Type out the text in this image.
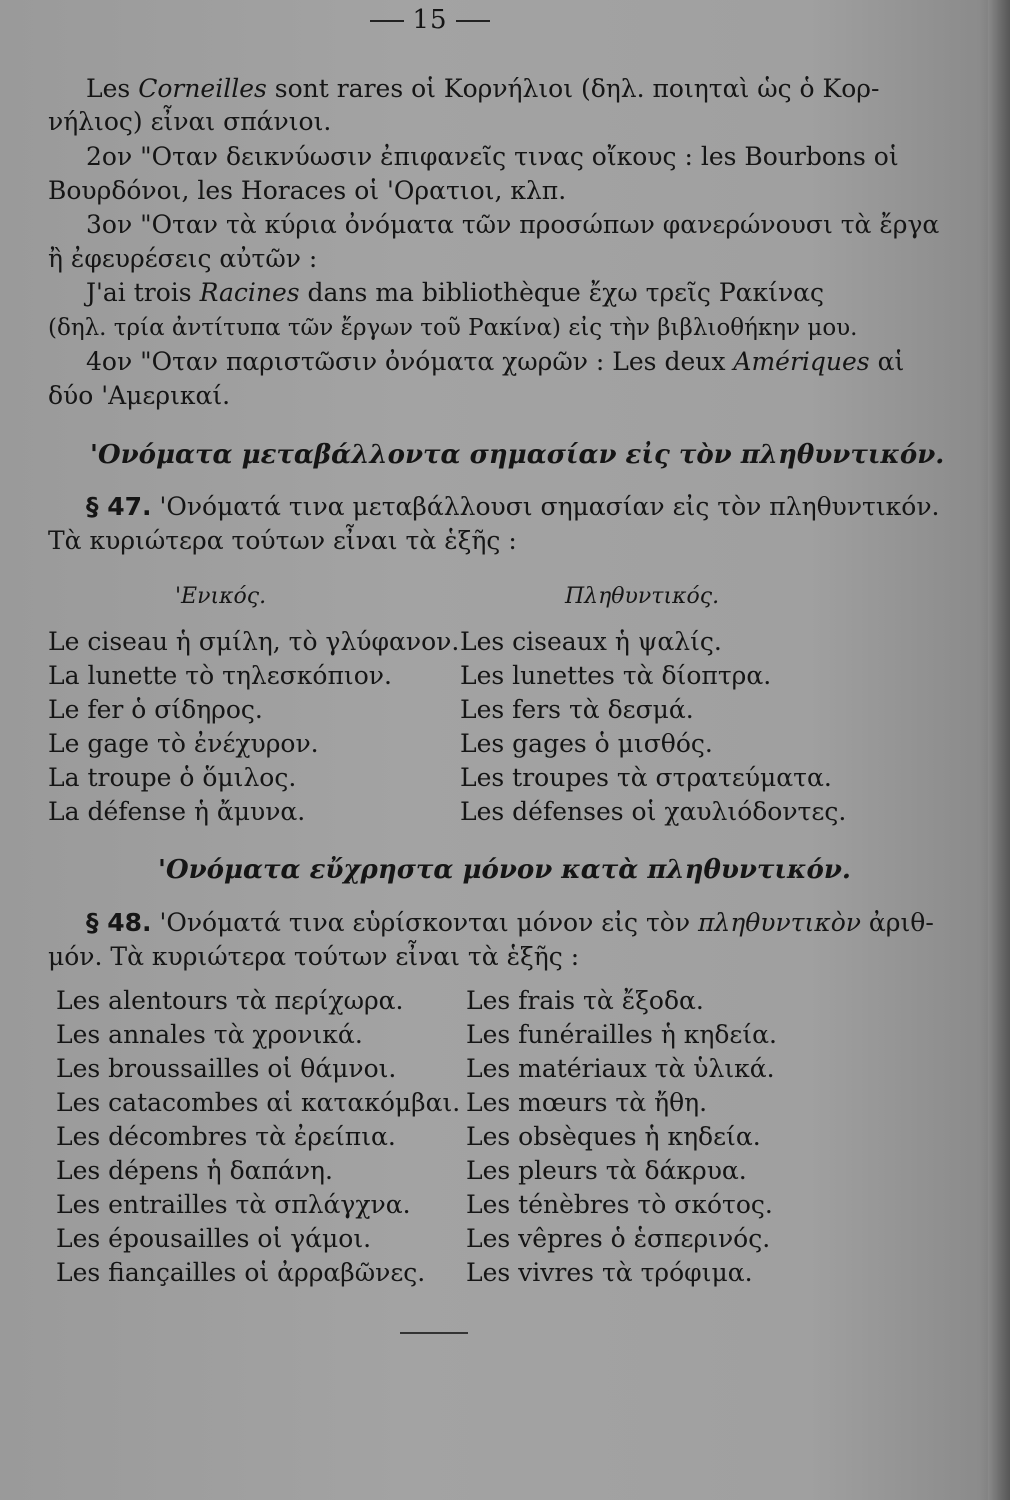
15
Les Corneilles sont rares οἱ Κορνήλιοι (δηλ. ποιηταὶ ὡς ὁ Κορ-
νήλιος) εἶναι σπάνιοι.
2ον "Οταν δεικνύωσιν ἐπιφανεῖς τινας οἴκους : les Bourbons οἱ
Βουρδόνοι, les Horaces οἱ 'Ορατιοι, κλπ.
3ον "Οταν τὰ κύρια ὀνόματα τῶν προσώπων φανερώνουσι τὰ ἔργα
ἢ ἐφευρέσεις αὐτῶν :
J'ai trois Racines dans ma bibliothèque ἔχω τρεῖς Ρακίνας
(δηλ. τρία ἀντίτυπα τῶν ἔργων τοῦ Ρακίνα) εἰς τὴν βιβλιοθήκην μου.
4ον "Οταν παριστῶσιν ὀνόματα χωρῶν : Les deux Amériques αἱ
δύο 'Αμερικαί.
'Ονόματα μεταβάλλοντα σημασίαν εἰς τὸν πληθυντικόν.
§ 47. 'Ονόματά τινα μεταβάλλουσι σημασίαν εἰς τὸν πληθυντικόν.
Τὰ κυριώτερα τούτων εἶναι τὰ ἑξῆς :
'Ενικός.	Πληθυντικός.
Le ciseau ἡ σμίλη, τὸ γλύφανον.
La lunette τὸ τηλεσκόπιον.
Le fer ὁ σίδηρος.
Le gage τὸ ἐνέχυρον.
La troupe ὁ ὅμιλος.
La défense ἡ ἄμυνα.
Les ciseaux ἡ ψαλίς.
Les lunettes τὰ δίοπτρα.
Les fers τὰ δεσμά.
Les gages ὁ μισθός.
Les troupes τὰ στρατεύματα.
Les défenses οἱ χαυλιόδοντες.
'Ονόματα εὔχρηστα μόνον κατὰ πληθυντικόν.
§ 48. 'Ονόματά τινα εὑρίσκονται μόνον εἰς τὸν πληθυντικὸν ἀριθ-
μόν. Τὰ κυριώτερα τούτων εἶναι τὰ ἑξῆς :
Les alentours τὰ περίχωρα.
Les annales τὰ χρονικά.
Les broussailles οἱ θάμνοι.
Les catacombes αἱ κατακόμβαι.
Les décombres τὰ ἐρείπια.
Les dépens ἡ δαπάνη.
Les entrailles τὰ σπλάγχνα.
Les épousailles οἱ γάμοι.
Les fiançailles οἱ ἀρραβῶνες.
Les frais τὰ ἔξοδα.
Les funérailles ἡ κηδεία.
Les matériaux τὰ ὑλικά.
Les mœurs τὰ ἤθη.
Les obsèques ἡ κηδεία.
Les pleurs τὰ δάκρυα.
Les ténèbres τὸ σκότος.
Les vêpres ὁ ἑσπερινός.
Les vivres τὰ τρόφιμα.
